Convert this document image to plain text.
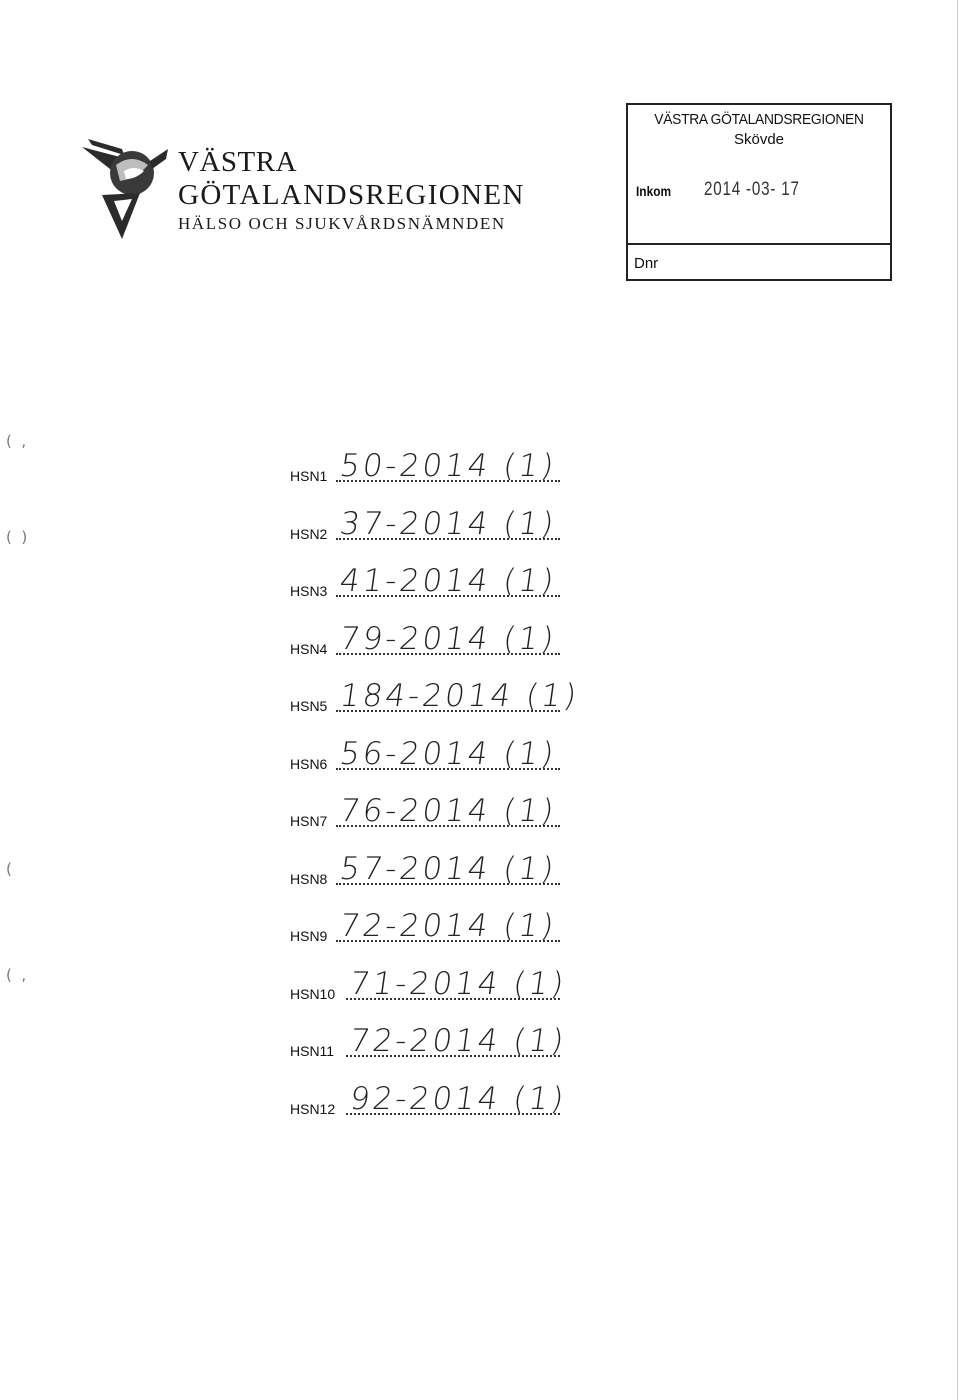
VÄSTRA
GÖTALANDSREGIONEN
HÄLSO OCH SJUKVÅRDSNÄMNDEN
VÄSTRA GÖTALANDSREGIONEN
Skövde
Inkom 2014 -03- 17
Dnr
(  ,
(  )
(
(  ,
HSN1 50-2014 (1)
HSN2 37-2014 (1)
HSN3 41-2014 (1)
HSN4 79-2014 (1)
HSN5 184-2014 (1)
HSN6 56-2014 (1)
HSN7 76-2014 (1)
HSN8 57-2014 (1)
HSN9 72-2014 (1)
HSN10 71-2014 (1)
HSN11 72-2014 (1)
HSN12 92-2014 (1)
